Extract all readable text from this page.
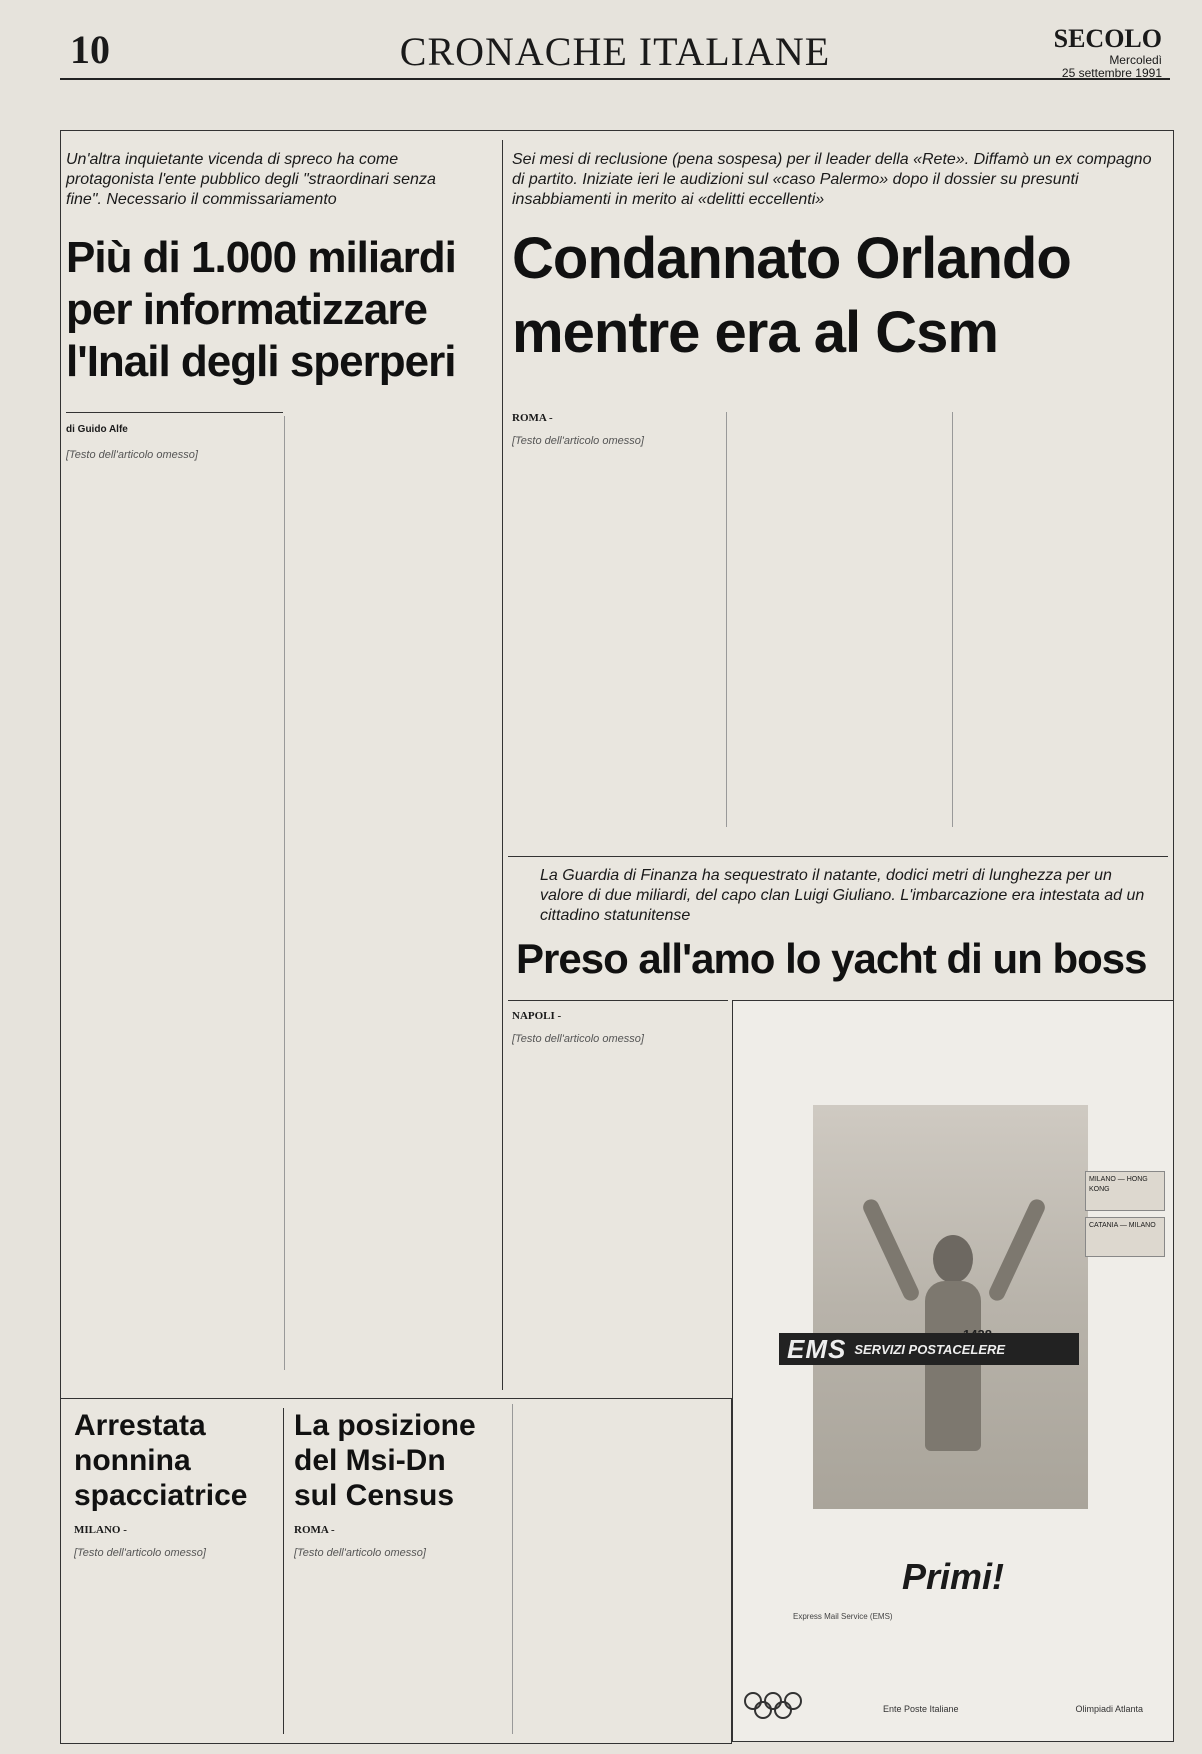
10	CRONACHE ITALIANE	SECOLO
Mercoledì
25 settembre 1991
Un'altra inquietante vicenda di spreco ha come protagonista l'ente pubblico degli "straordinari senza fine". Necessario il commissariamento
Più di 1.000 miliardi per informatizzare l'Inail degli sperperi
di Guido Alfe
[Testo dell'articolo omesso]
Sei mesi di reclusione (pena sospesa) per il leader della «Rete». Diffamò un ex compagno di partito. Iniziate ieri le audizioni sul «caso Palermo» dopo il dossier su presunti insabbiamenti in merito ai «delitti eccellenti»
Condannato Orlando mentre era al Csm
ROMA -
[Testo dell'articolo omesso]
La Guardia di Finanza ha sequestrato il natante, dodici metri di lunghezza per un valore di due miliardi, del capo clan Luigi Giuliano. L'imbarcazione era intestata ad un cittadino statunitense
Preso all'amo lo yacht di un boss
NAPOLI -
[Testo dell'articolo omesso]
Arrestata nonnina spacciatrice
MILANO -
[Testo dell'articolo omesso]
La posizione del Msi-Dn sul Census
ROMA -
[Testo dell'articolo omesso]
MILANO — HONG KONG
CATANIA — MILANO
EMS SERVIZI POSTACELERE
Primi!
Express Mail Service (EMS)
Ente Poste Italiane	Olimpiadi Atlanta
